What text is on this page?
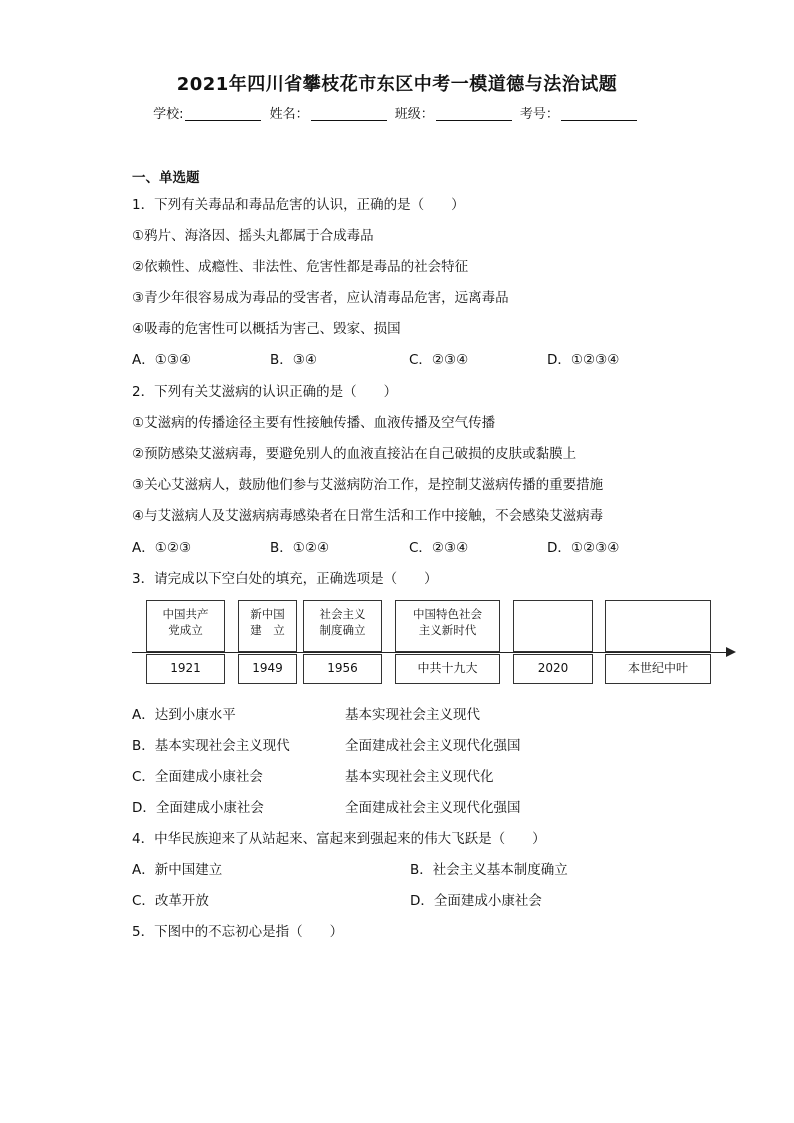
2021年四川省攀枝花市东区中考一模道德与法治试题
学校:	姓名：	班级：	考号：
一、单选题
1．下列有关毒品和毒品危害的认识，正确的是（　　）
①鸦片、海洛因、摇头丸都属于合成毒品
②依赖性、成瘾性、非法性、危害性都是毒品的社会特征
③青少年很容易成为毒品的受害者，应认清毒品危害，远离毒品
④吸毒的危害性可以概括为害己、毁家、损国
A．①③④	B．③④	C．②③④	D．①②③④
2．下列有关艾滋病的认识正确的是（　　）
①艾滋病的传播途径主要有性接触传播、血液传播及空气传播
②预防感染艾滋病毒，要避免别人的血液直接沾在自己破损的皮肤或黏膜上
③关心艾滋病人，鼓励他们参与艾滋病防治工作，是控制艾滋病传播的重要措施
④与艾滋病人及艾滋病病毒感染者在日常生活和工作中接触，不会感染艾滋病毒
A．①②③	B．①②④	C．②③④	D．①②③④
3．请完成以下空白处的填充，正确选项是（　　）
中国共产
党成立
1921
新中国
建　立
1949
社会主义
制度确立
1956
中国特色社会
主义新时代
中共十九大	2020	本世纪中叶
A．达到小康水平	基本实现社会主义现代
B．基本实现社会主义现代	全面建成社会主义现代化强国
C．全面建成小康社会	基本实现社会主义现代化
D．全面建成小康社会	全面建成社会主义现代化强国
4．中华民族迎来了从站起来、富起来到强起来的伟大飞跃是（　　）
A．新中国建立	B．社会主义基本制度确立
C．改革开放	D．全面建成小康社会
5．下图中的不忘初心是指（　　）
